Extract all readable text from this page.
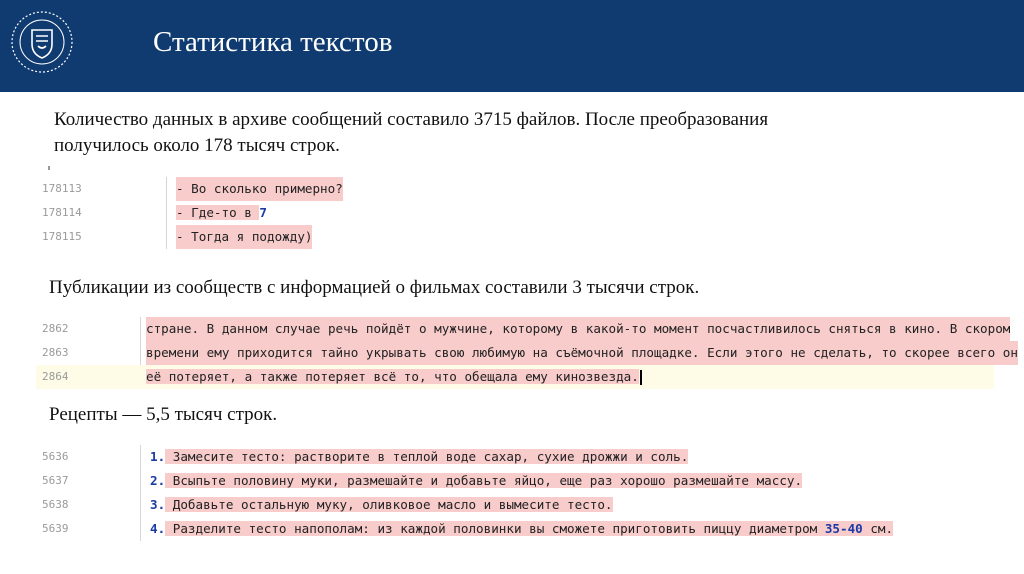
Статистика текстов
Количество данных в архиве сообщений составило 3715 файлов. После преобразования
получилось около 178 тысяч строк.
178113	- Во сколько примерно?
178114	- Где-то в 7
178115	- Тогда я подожду)
Публикации из сообществ с информацией о фильмах составили 3 тысячи строк.
2862	стране. В данном случае речь пойдёт о мужчине, которому в какой-то момент посчастливилось сняться в кино. В скором
2863	времени ему приходится тайно укрывать свою любимую на съёмочной площадке. Если этого не сделать, то скорее всего он
2864	её потеряет, а также потеряет всё то, что обещала ему кинозвезда.
Рецепты — 5,5 тысяч строк.
5636	1. Замесите тесто: растворите в теплой воде сахар, сухие дрожжи и соль.
5637	2. Всыпьте половину муки, размешайте и добавьте яйцо, еще раз хорошо размешайте массу.
5638	3. Добавьте остальную муку, оливковое масло и вымесите тесто.
5639	4. Разделите тесто напополам: из каждой половинки вы сможете приготовить пиццу диаметром 35-40 см.
